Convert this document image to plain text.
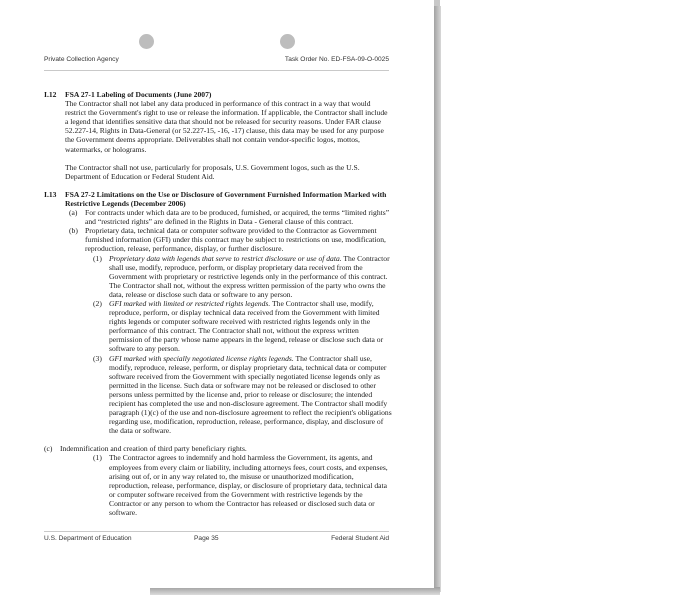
Private Collection Agency	Task Order No. ED-FSA-09-O-0025
I.12 FSA 27-1 Labeling of Documents (June 2007)

The Contractor shall not label any data produced in performance of this contract in a way that would restrict the Government's right to use or release the information. If applicable, the Contractor shall include a legend that identifies sensitive data that should not be released for security reasons. Under FAR clause 52.227-14, Rights in Data-General (or 52.227-15, -16, -17) clause, this data may be used for any purpose the Government deems appropriate. Deliverables shall not contain vendor-specific logos, mottos, watermarks, or holograms.

The Contractor shall not use, particularly for proposals, U.S. Government logos, such as the U.S. Department of Education or Federal Student Aid.

I.13 FSA 27-2 Limitations on the Use or Disclosure of Government Furnished Information Marked with Restrictive Legends (December 2006)
(a) For contracts under which data are to be produced, furnished, or acquired, the terms “limited rights” and “restricted rights” are defined in the Rights in Data - General clause of this contract.
(b) Proprietary data, technical data or computer software provided to the Contractor as Government furnished information (GFI) under this contract may be subject to restrictions on use, modification, reproduction, release, performance, display, or further disclosure.
(1) Proprietary data with legends that serve to restrict disclosure or use of data. The Contractor shall use, modify, reproduce, perform, or display proprietary data received from the Government with proprietary or restrictive legends only in the performance of this contract. The Contractor shall not, without the express written permission of the party who owns the data, release or disclose such data or software to any person.
(2) GFI marked with limited or restricted rights legends. The Contractor shall use, modify, reproduce, perform, or display technical data received from the Government with limited rights legends or computer software received with restricted rights legends only in the performance of this contract. The Contractor shall not, without the express written permission of the party whose name appears in the legend, release or disclose such data or software to any person.
(3) GFI marked with specially negotiated license rights legends. The Contractor shall use, modify, reproduce, release, perform, or display proprietary data, technical data or computer software received from the Government with specially negotiated license legends only as permitted in the license. Such data or software may not be released or disclosed to other persons unless permitted by the license and, prior to release or disclosure; the intended recipient has completed the use and non-disclosure agreement. The Contractor shall modify paragraph (1)(c) of the use and non-disclosure agreement to reflect the recipient's obligations regarding use, modification, reproduction, release, performance, display, and disclosure of the data or software.
(c) Indemnification and creation of third party beneficiary rights.
(1) The Contractor agrees to indemnify and hold harmless the Government, its agents, and employees from every claim or liability, including attorneys fees, court costs, and expenses, arising out of, or in any way related to, the misuse or unauthorized modification, reproduction, release, performance, display, or disclosure of proprietary data, technical data or computer software received from the Government with restrictive legends by the Contractor or any person to whom the Contractor has released or disclosed such data or software.
U.S. Department of Education	Page 35	Federal Student Aid
